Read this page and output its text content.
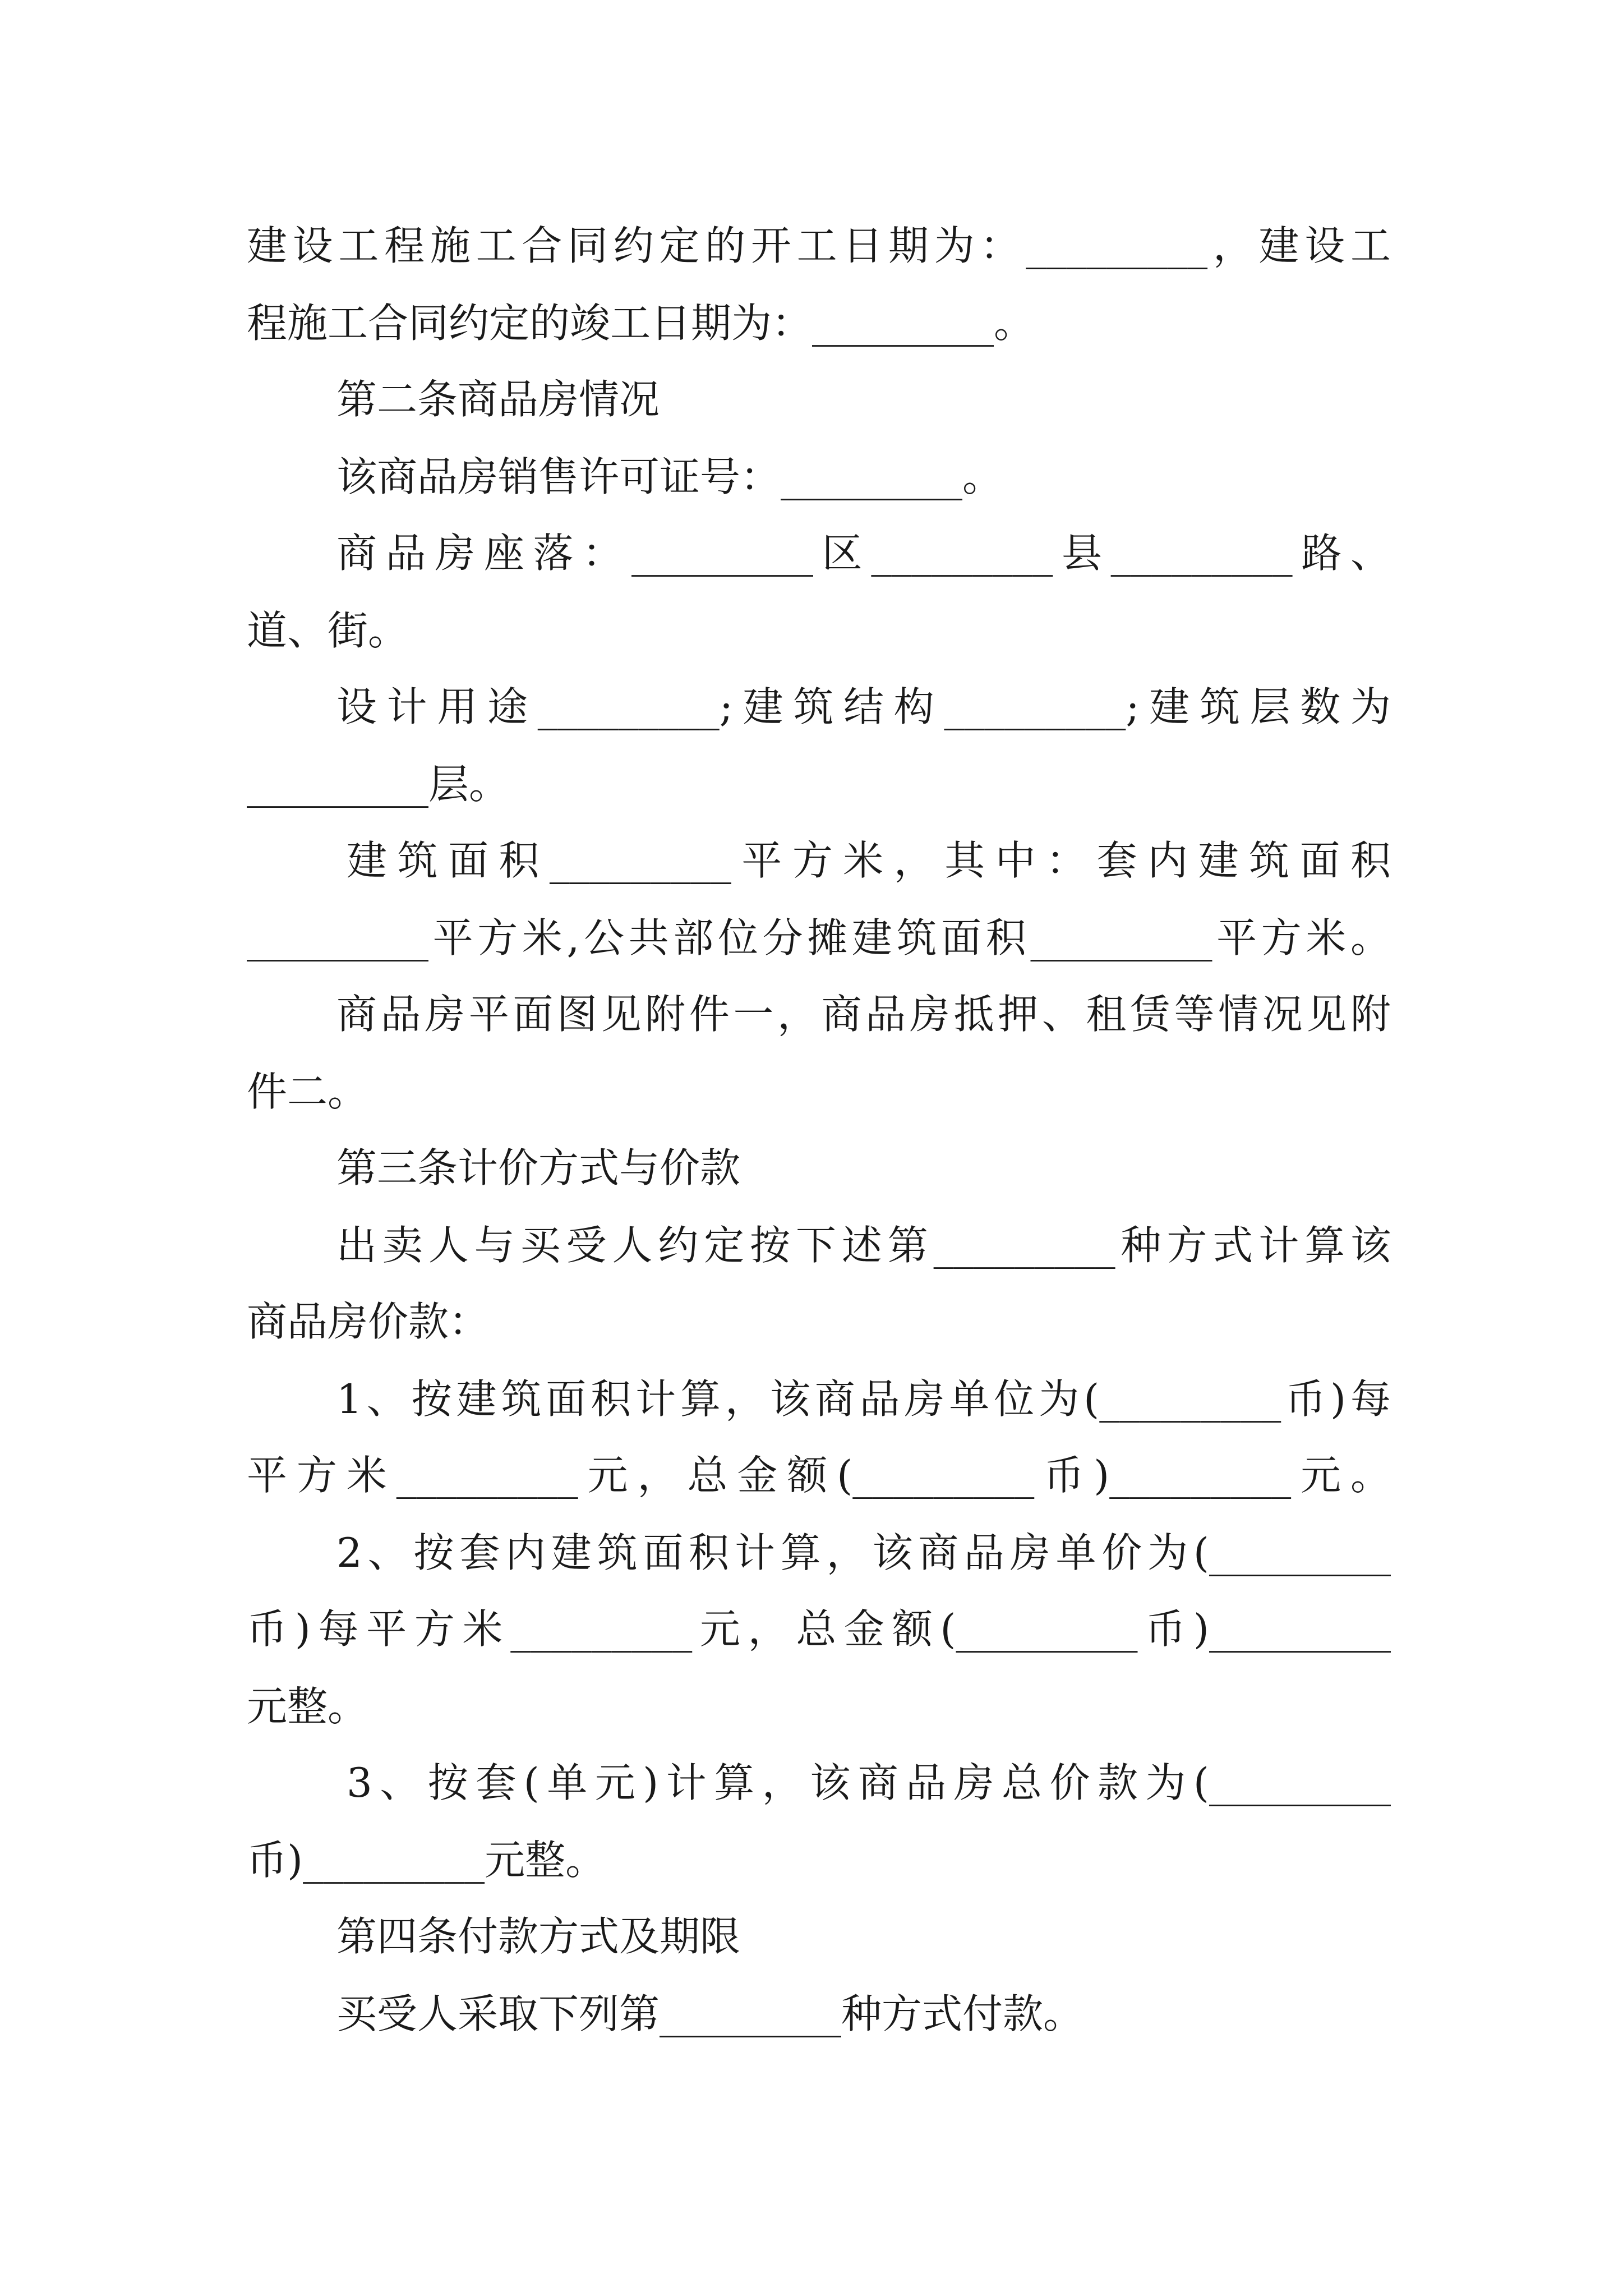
建设工程施工合同约定的开工日期为：_________，建设工
程施工合同约定的竣工日期为：_________。
第二条商品房情况
该商品房销售许可证号：_________。
商品房座落：_________区_________县_________路、
道、街。
设计用途_________;建筑结构_________;建筑层数为
_________层。
建筑面积_________平方米，其中：套内建筑面积
_________平方米,公共部位分摊建筑面积_________平方米。
商品房平面图见附件一，商品房抵押、租赁等情况见附
件二。
第三条计价方式与价款
出卖人与买受人约定按下述第_________种方式计算该
商品房价款：
1、按建筑面积计算，该商品房单位为(_________币)每
平方米_________元，总金额(_________币)_________元。
2、按套内建筑面积计算，该商品房单价为(_________
币)每平方米_________元，总金额(_________币)_________
元整。
3、按套(单元)计算，该商品房总价款为(_________
币)_________元整。
第四条付款方式及期限
买受人采取下列第_________种方式付款。
